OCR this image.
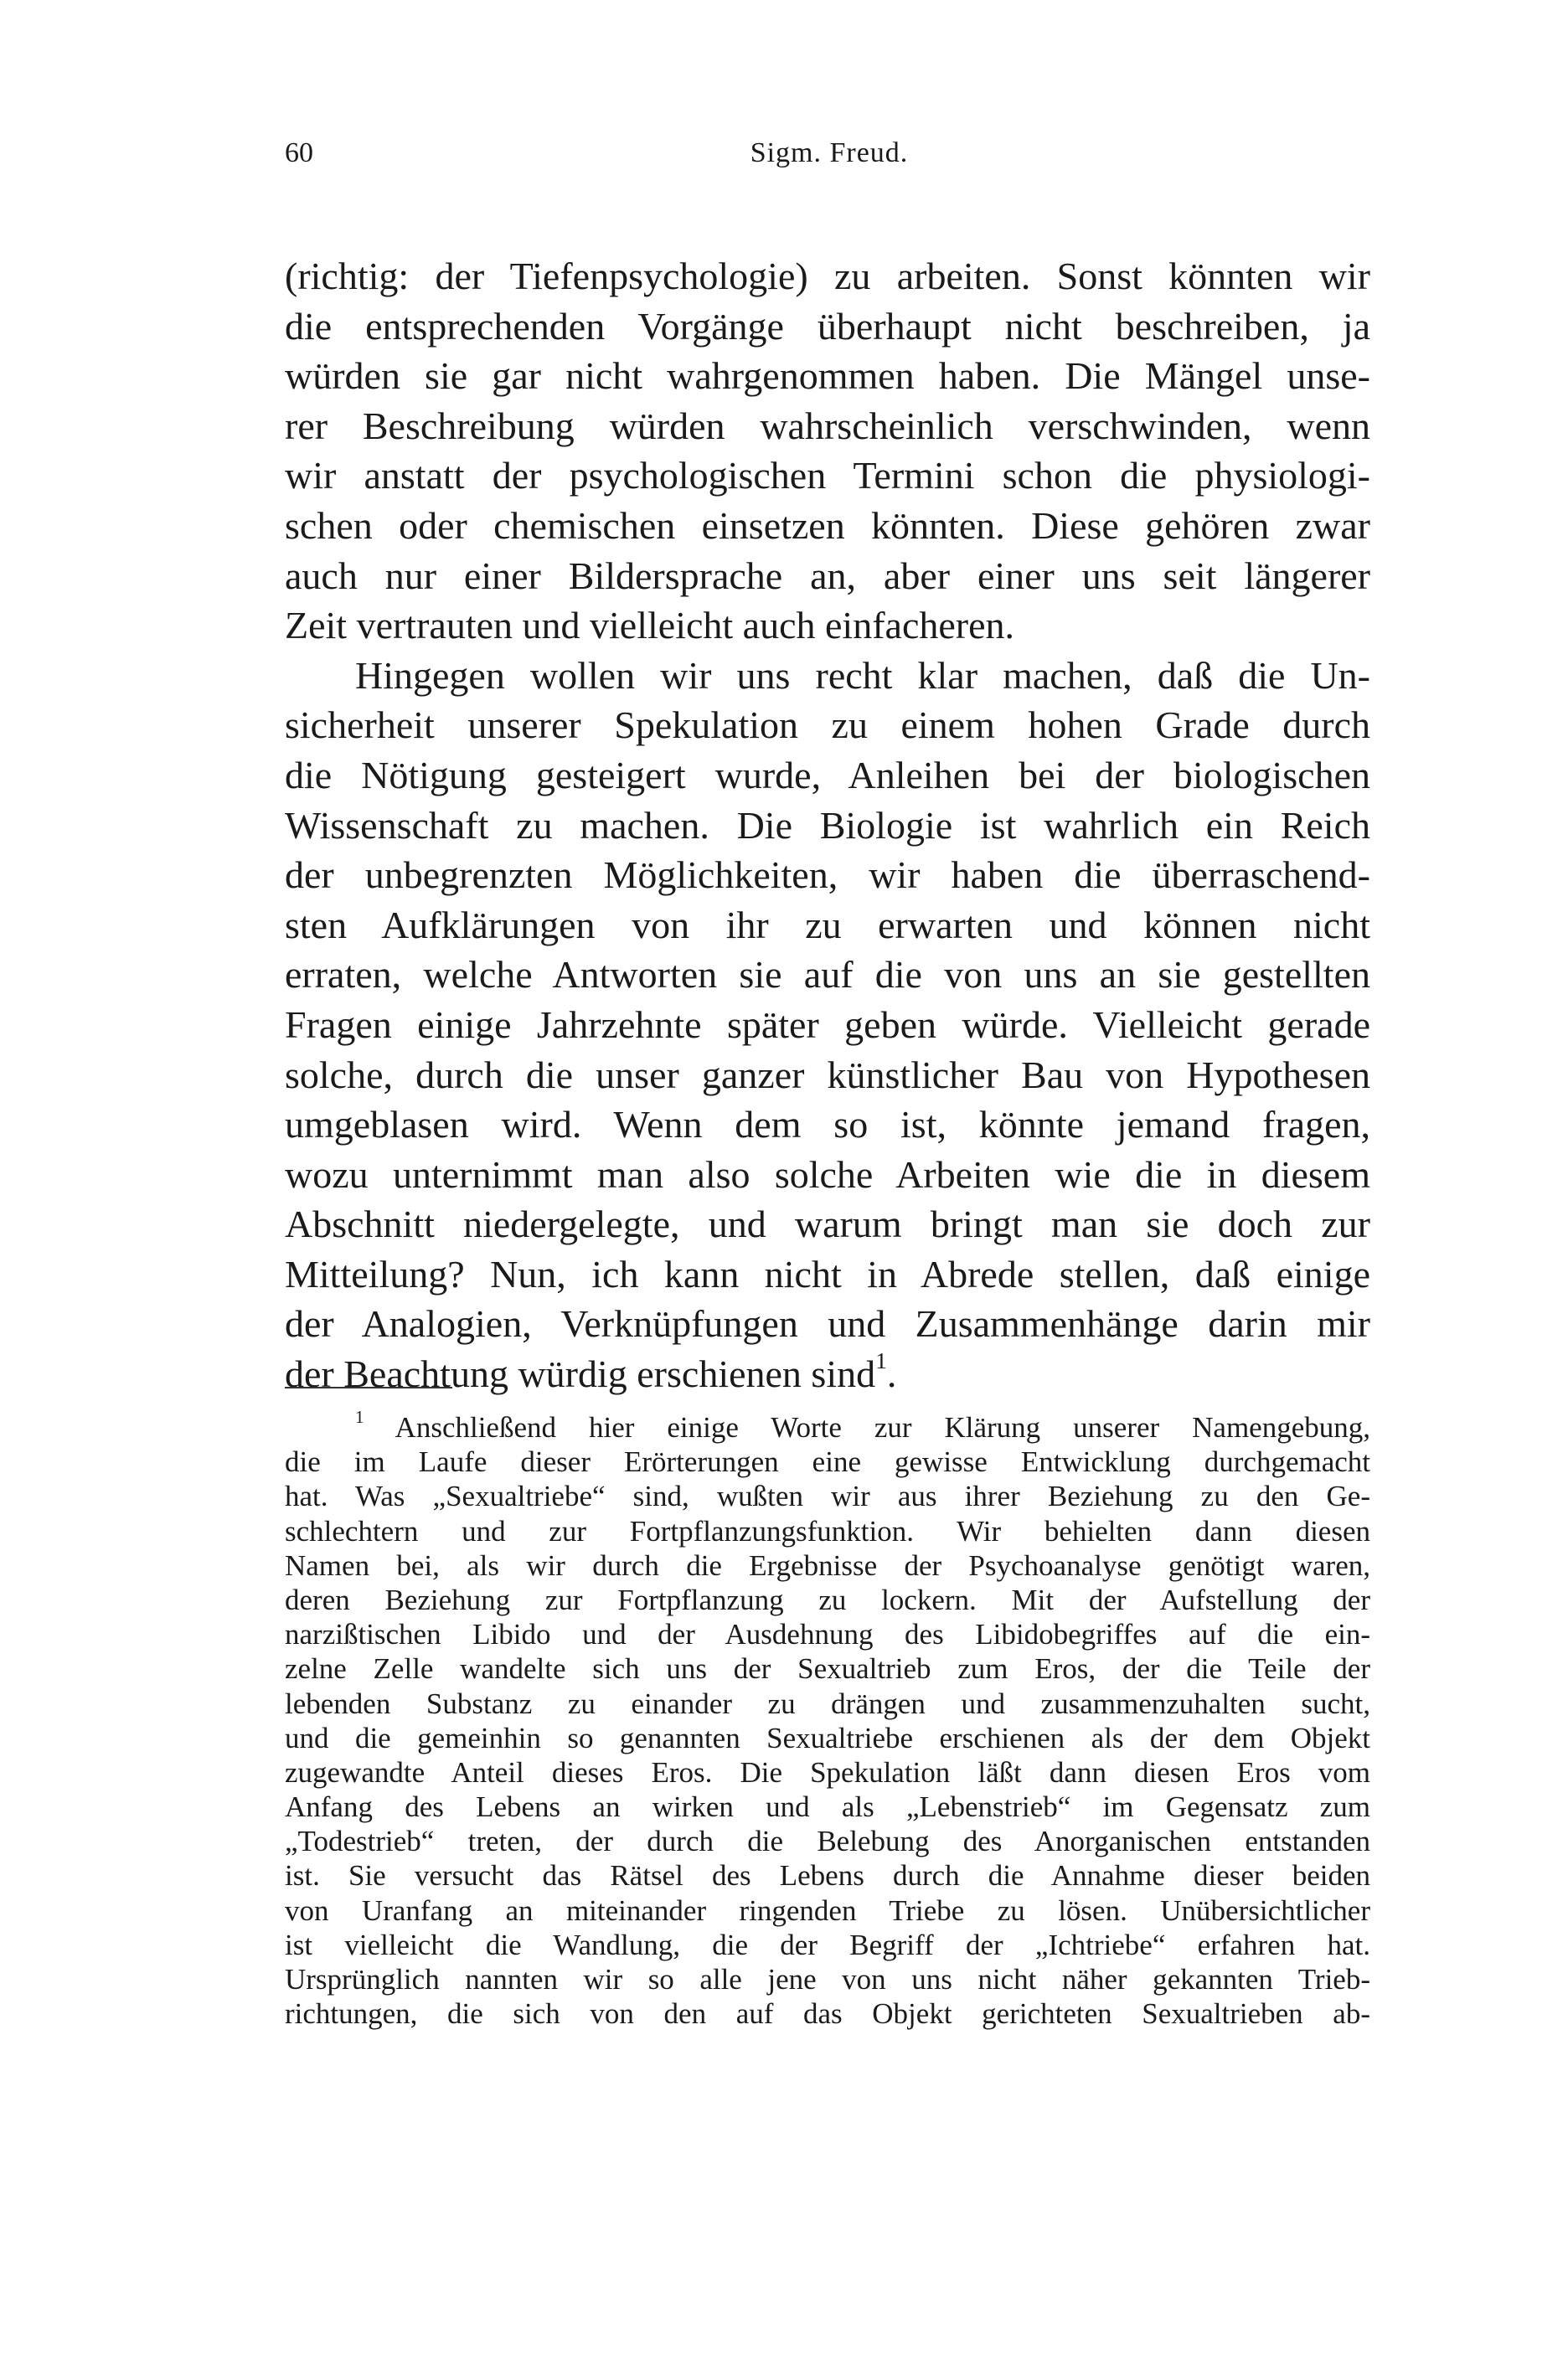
60	Sigm. Freud.
(richtig: der Tiefenpsychologie) zu arbeiten. Sonst könnten wir
die entsprechenden Vorgänge überhaupt nicht beschreiben, ja
würden sie gar nicht wahrgenommen haben. Die Mängel unse-
rer Beschreibung würden wahrscheinlich verschwinden, wenn
wir anstatt der psychologischen Termini schon die physiologi-
schen oder chemischen einsetzen könnten. Diese gehören zwar
auch nur einer Bildersprache an, aber einer uns seit längerer
Zeit vertrauten und vielleicht auch einfacheren.
Hingegen wollen wir uns recht klar machen, daß die Un-
sicherheit unserer Spekulation zu einem hohen Grade durch
die Nötigung gesteigert wurde, Anleihen bei der biologischen
Wissenschaft zu machen. Die Biologie ist wahrlich ein Reich
der unbegrenzten Möglichkeiten, wir haben die überraschend-
sten Aufklärungen von ihr zu erwarten und können nicht
erraten, welche Antworten sie auf die von uns an sie gestellten
Fragen einige Jahrzehnte später geben würde. Vielleicht gerade
solche, durch die unser ganzer künstlicher Bau von Hypothesen
umgeblasen wird. Wenn dem so ist, könnte jemand fragen,
wozu unternimmt man also solche Arbeiten wie die in diesem
Abschnitt niedergelegte, und warum bringt man sie doch zur
Mitteilung? Nun, ich kann nicht in Abrede stellen, daß einige
der Analogien, Verknüpfungen und Zusammenhänge darin mir
der Beachtung würdig erschienen sind$^1$.
$^1$ Anschließend hier einige Worte zur Klärung unserer Namengebung,
die im Laufe dieser Erörterungen eine gewisse Entwicklung durchgemacht
hat. Was „Sexualtriebe“ sind, wußten wir aus ihrer Beziehung zu den Ge-
schlechtern und zur Fortpflanzungsfunktion. Wir behielten dann diesen
Namen bei, als wir durch die Ergebnisse der Psychoanalyse genötigt waren,
deren Beziehung zur Fortpflanzung zu lockern. Mit der Aufstellung der
narzißtischen Libido und der Ausdehnung des Libidobegriffes auf die ein-
zelne Zelle wandelte sich uns der Sexualtrieb zum Eros, der die Teile der
lebenden Substanz zu einander zu drängen und zusammenzuhalten sucht,
und die gemeinhin so genannten Sexualtriebe erschienen als der dem Objekt
zugewandte Anteil dieses Eros. Die Spekulation läßt dann diesen Eros vom
Anfang des Lebens an wirken und als „Lebenstrieb“ im Gegensatz zum
„Todestrieb“ treten, der durch die Belebung des Anorganischen entstanden
ist. Sie versucht das Rätsel des Lebens durch die Annahme dieser beiden
von Uranfang an miteinander ringenden Triebe zu lösen. Unübersichtlicher
ist vielleicht die Wandlung, die der Begriff der „Ichtriebe“ erfahren hat.
Ursprünglich nannten wir so alle jene von uns nicht näher gekannten Trieb-
richtungen, die sich von den auf das Objekt gerichteten Sexualtrieben ab-
